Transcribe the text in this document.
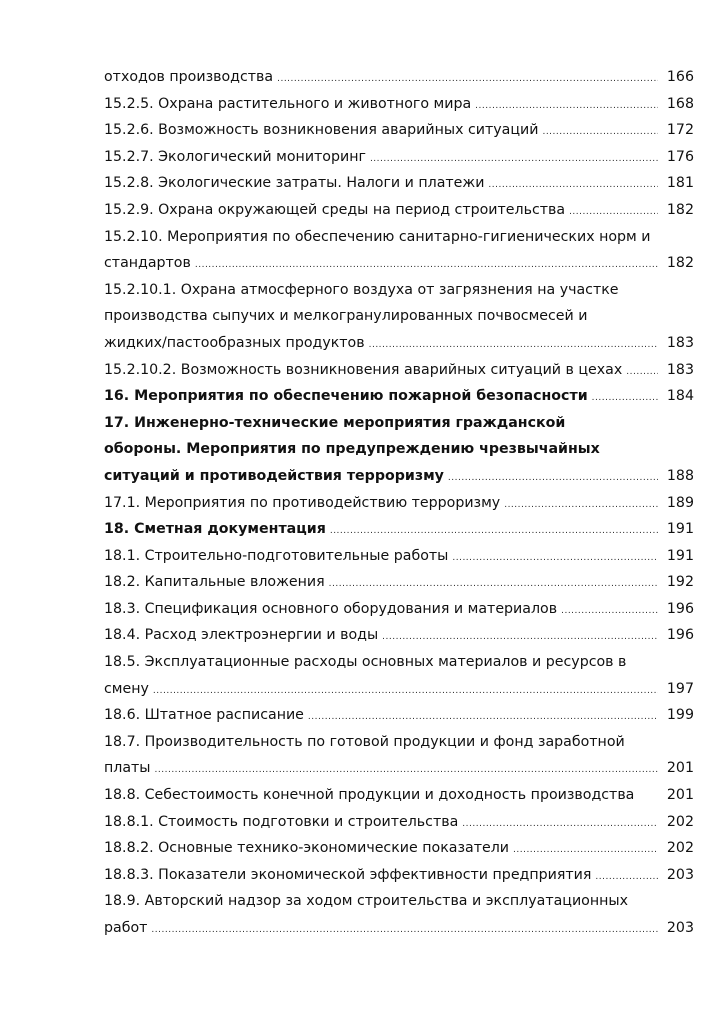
отходов производства .....	166
15.2.5. Охрана растительного и животного мира .....	168
15.2.6. Возможность возникновения аварийных ситуаций .....	172
15.2.7. Экологический мониторинг .....	176
15.2.8. Экологические затраты. Налоги и платежи .....	181
15.2.9. Охрана окружающей среды на период строительства .....	182
15.2.10. Мероприятия по обеспечению санитарно-гигиенических норм и
стандартов .....	182
15.2.10.1. Охрана атмосферного воздуха от загрязнения на участке
производства сыпучих и мелкогранулированных почвосмесей и
жидких/пастообразных продуктов .....	183
15.2.10.2. Возможность возникновения аварийных ситуаций в цехах .....	183
16. Мероприятия по обеспечению пожарной безопасности .....	184
17. Инженерно-технические мероприятия гражданской
обороны. Мероприятия по предупреждению чрезвычайных
ситуаций и противодействия терроризму .....	188
17.1. Мероприятия по противодействию терроризму .....	189
18. Сметная документация .....	191
18.1. Строительно-подготовительные работы .....	191
18.2. Капитальные вложения .....	192
18.3. Спецификация основного оборудования и материалов .....	196
18.4. Расход электроэнергии и воды .....	196
18.5. Эксплуатационные расходы основных материалов и ресурсов в
смену .....	197
18.6. Штатное расписание .....	199
18.7. Производительность по готовой продукции и фонд заработной
платы .....	201
18.8. Себестоимость конечной продукции и доходность производства	201
18.8.1. Стоимость подготовки и строительства .....	202
18.8.2. Основные технико-экономические показатели .....	202
18.8.3. Показатели экономической эффективности предприятия .....	203
18.9. Авторский надзор за ходом строительства и эксплуатационных
работ .....	203
